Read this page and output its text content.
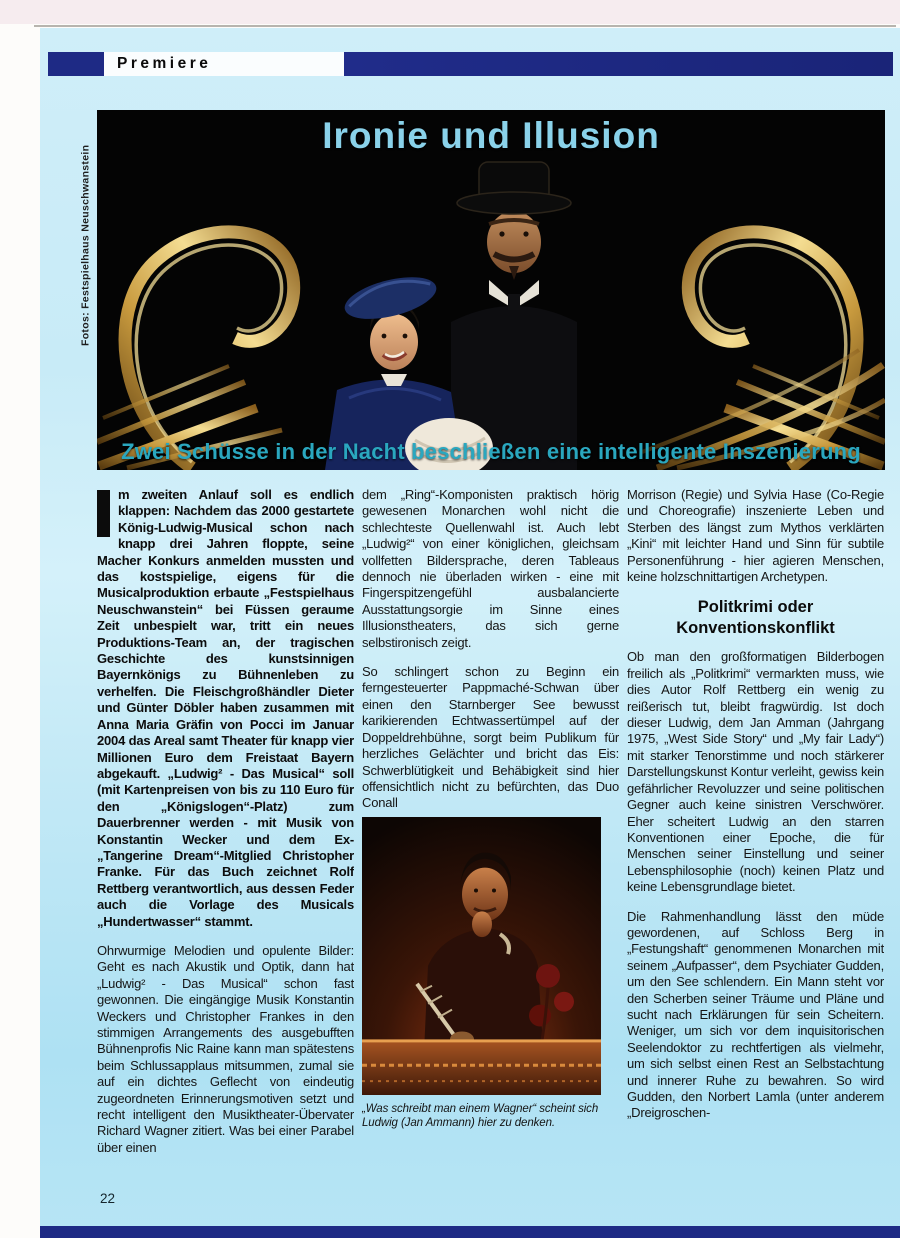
Premiere
Fotos: Festspielhaus Neuschwanstein
Ironie und Illusion
Zwei Schüsse in der Nacht beschließen eine intelligente Inszenierung

m zweiten Anlauf soll es endlich klappen: Nachdem das 2000 gestartete König-Ludwig-Musical schon nach knapp drei Jahren floppte, seine Macher Konkurs anmelden mussten und das kostspielige, eigens für die Musicalproduktion erbaute „Festspielhaus Neuschwanstein“ bei Füssen geraume Zeit unbespielt war, tritt ein neues Produktions-Team an, der tragischen Geschichte des kunstsinnigen Bayernkönigs zu Bühnenleben zu verhelfen. Die Fleischgroßhändler Dieter und Günter Döbler haben zusammen mit Anna Maria Gräfin von Pocci im Januar 2004 das Areal samt Theater für knapp vier Millionen Euro dem Freistaat Bayern abgekauft. „Ludwig² - Das Musical“ soll (mit Kartenpreisen von bis zu 110 Euro für den „Königslogen“-Platz) zum Dauerbrenner werden - mit Musik von Konstantin Wecker und dem Ex-„Tangerine Dream“-Mitglied Christopher Franke. Für das Buch zeichnet Rolf Rettberg verantwortlich, aus dessen Feder auch die Vorlage des Musicals „Hundertwasser“ stammt.

Ohrwurmige Melodien und opulente Bilder: Geht es nach Akustik und Optik, dann hat „Ludwig² - Das Musical“ schon fast gewonnen. Die eingängige Musik Konstantin Weckers und Christopher Frankes in den stimmigen Arrangements des ausgebufften Bühnenprofis Nic Raine kann man spätestens beim Schlussapplaus mitsummen, zumal sie auf ein dichtes Geflecht von eindeutig zugeordneten Erinnerungsmotiven setzt und recht intelligent den Musiktheater-Übervater Richard Wagner zitiert. Was bei einer Parabel über einen

dem „Ring“-Komponisten praktisch hörig gewesenen Monarchen wohl nicht die schlechteste Quellenwahl ist. Auch lebt „Ludwig²“ von einer königlichen, gleichsam vollfetten Bildersprache, deren Tableaus dennoch nie überladen wirken - eine mit Fingerspitzengefühl ausbalancierte Ausstattungsorgie im Sinne eines Illusionstheaters, das sich gerne selbstironisch zeigt.

So schlingert schon zu Beginn ein ferngesteuerter Pappmaché-Schwan über einen den Starnberger See bewusst karikierenden Echtwassertümpel auf der Doppeldrehbühne, sorgt beim Publikum für herzliches Gelächter und bricht das Eis: Schwerblütigkeit und Behäbigkeit sind hier offensichtlich nicht zu befürchten, das Duo Conall

„Was schreibt man einem Wagner“ scheint sich Ludwig (Jan Ammann) hier zu denken.

Morrison (Regie) und Sylvia Hase (Co-Regie und Choreografie) inszenierte Leben und Sterben des längst zum Mythos verklärten „Kini“ mit leichter Hand und Sinn für subtile Personenführung - hier agieren Menschen, keine holzschnittartigen Archetypen.

Politkrimi oder Konventionskonflikt

Ob man den großformatigen Bilderbogen freilich als „Politkrimi“ vermarkten muss, wie dies Autor Rolf Rettberg ein wenig zu reißerisch tut, bleibt fragwürdig. Ist doch dieser Ludwig, dem Jan Amman (Jahrgang 1975, „West Side Story“ und „My fair Lady“) mit starker Tenorstimme und noch stärkerer Darstellungskunst Kontur verleiht, gewiss kein gefährlicher Revoluzzer und seine politischen Gegner auch keine sinistren Verschwörer. Eher scheitert Ludwig an den starren Konventionen einer Epoche, die für Menschen seiner Einstellung und seiner Lebensphilosophie (noch) keinen Platz und keine Lebensgrundlage bietet.

Die Rahmenhandlung lässt den müde gewordenen, auf Schloss Berg in „Festungshaft“ genommenen Monarchen mit seinem „Aufpasser“, dem Psychiater Gudden, um den See schlendern. Ein Mann steht vor den Scherben seiner Träume und Pläne und sucht nach Erklärungen für sein Scheitern. Weniger, um sich vor dem inquisitorischen Seelendoktor zu rechtfertigen als vielmehr, um sich selbst einen Rest an Selbstachtung und innerer Ruhe zu bewahren. So wird Gudden, den Norbert Lamla (unter anderem „Dreigroschen-

22
